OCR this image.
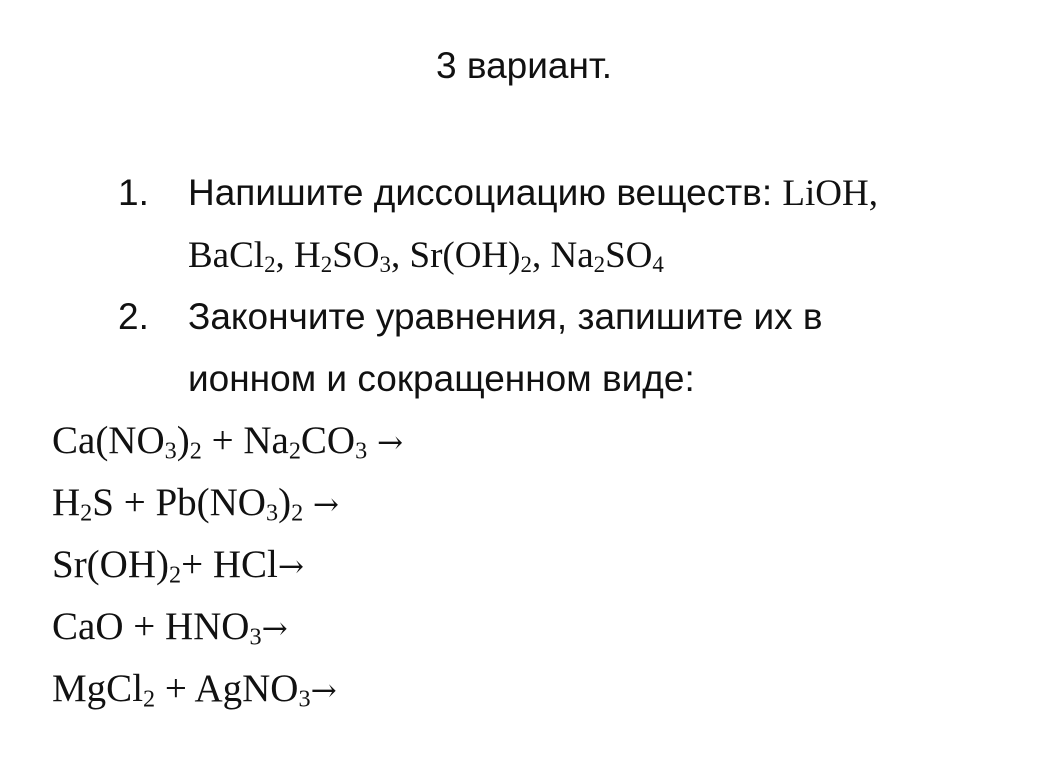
3 вариант.
1. Напишите диссоциацию веществ: LiOH,
BaCl$_2$, $H_2SO_3$, $Sr(OH)_2$, $Na_2SO_4$
2. Закончите уравнения, запишите их в
ионном и сокращенном виде:
$Ca(NO_3)_2 + Na_2CO_3$ →
$H_2S + Pb(NO_3)_2$ →
$Sr(OH)_2+ HCl\to$
CaO + $HNO_3\to$
MgCl$_2$ + AgNO$_3$→
